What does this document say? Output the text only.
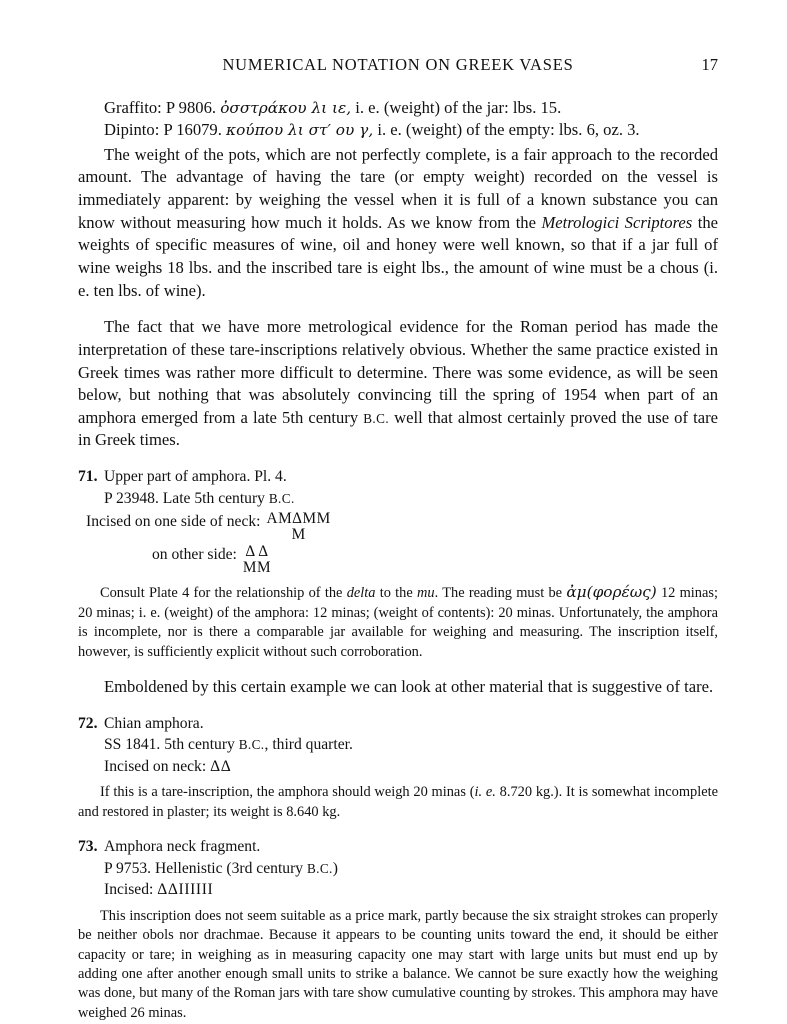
NUMERICAL NOTATION ON GREEK VASES	17
Graffito: P 9806. ὀσστράκου λι ιε, i. e. (weight) of the jar: lbs. 15.
Dipinto: P 16079. κούπου λι στ′ ου γ, i. e. (weight) of the empty: lbs. 6, oz. 3.

The weight of the pots, which are not perfectly complete, is a fair approach to the recorded amount. The advantage of having the tare (or empty weight) recorded on the vessel is immediately apparent: by weighing the vessel when it is full of a known substance you can know without measuring how much it holds. As we know from the Metrologici Scriptores the weights of specific measures of wine, oil and honey were well known, so that if a jar full of wine weighs 18 lbs. and the inscribed tare is eight lbs., the amount of wine must be a chous (i. e. ten lbs. of wine).

The fact that we have more metrological evidence for the Roman period has made the interpretation of these tare-inscriptions relatively obvious. Whether the same practice existed in Greek times was rather more difficult to determine. There was some evidence, as will be seen below, but nothing that was absolutely convincing till the spring of 1954 when part of an amphora emerged from a late 5th century B.C. well that almost certainly proved the use of tare in Greek times.

71. Upper part of amphora. Pl. 4.
P 23948. Late 5th century B.C.
Incised on one side of neck: ΑΜΔΜΜ
Μ
on other side: Δ Δ
ΜΜ
Consult Plate 4 for the relationship of the delta to the mu. The reading must be ἀμ(φορέως) 12 minas; 20 minas; i. e. (weight) of the amphora: 12 minas; (weight of contents): 20 minas. Unfortunately, the amphora is incomplete, nor is there a comparable jar available for weighing and measuring. The inscription itself, however, is sufficiently explicit without such corroboration.

Emboldened by this certain example we can look at other material that is suggestive of tare.

72. Chian amphora.
SS 1841. 5th century B.C., third quarter.
Incised on neck: ΔΔ
If this is a tare-inscription, the amphora should weigh 20 minas (i. e. 8.720 kg.). It is somewhat incomplete and restored in plaster; its weight is 8.640 kg.
73. Amphora neck fragment.
P 9753. Hellenistic (3rd century B.C.)
Incised: ΔΔIIIIII
This inscription does not seem suitable as a price mark, partly because the six straight strokes can properly be neither obols nor drachmae. Because it appears to be counting units toward the end, it should be either capacity or tare; in weighing as in measuring capacity one may start with large units but must end up by adding one after another enough small units to strike a balance. We cannot be sure exactly how the weighing was done, but many of the Roman jars with tare show cumulative counting by strokes. This amphora may have weighed 26 minas.
